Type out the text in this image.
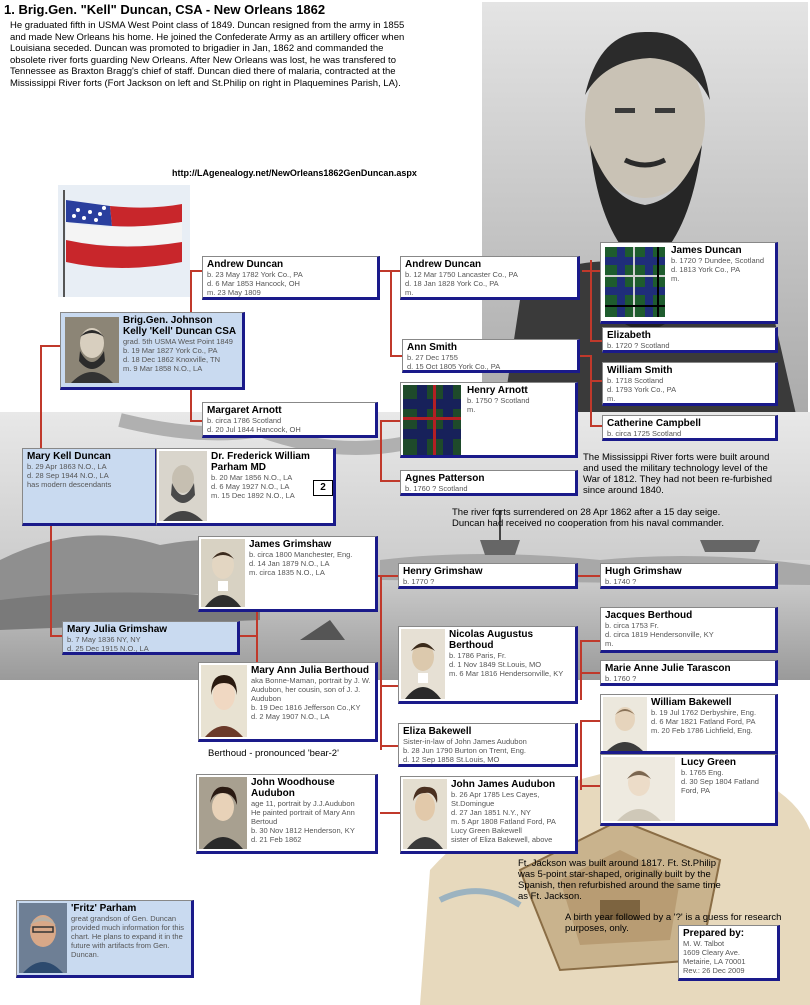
1. Brig.Gen. "Kell" Duncan, CSA - New Orleans 1862
He graduated fifth in USMA West Point class of 1849. Duncan resigned from the army in 1855 and made New Orleans his home. He joined the Confederate Army as an artillery officer when Louisiana seceded. Duncan was promoted to brigadier in Jan, 1862 and commanded the obsolete river forts guarding New Orleans. After New Orleans was lost, he was transfered to Tennessee as Braxton Bragg's chief of staff. Duncan died there of malaria, contracted at the Mississippi River forts (Fort Jackson on left and St.Philip on right in Plaquemines Parish, LA).
http://LAgenealogy.net/NewOrleans1862GenDuncan.aspx
Brig.Gen. Johnson Kelly 'Kell' Duncan CSA
grad. 5th USMA West Point 1849
b. 19 Mar 1827 York Co., PA
d. 18 Dec 1862 Knoxville, TN
m. 9 Mar 1858 N.O., LA
Andrew Duncan
b. 23 May 1782 York Co., PA
d. 6 Mar 1853 Hancock, OH
m. 23 May 1809
Andrew Duncan
b. 12 Mar 1750 Lancaster Co., PA
d. 18 Jan 1828 York Co., PA
m.
James Duncan
b. 1720 ? Dundee, Scotland
d. 1813 York Co., PA
m.
Elizabeth
b. 1720 ? Scotland
Ann Smith
b. 27 Dec 1755
d. 15 Oct 1805 York Co., PA	William Smith
b. 1718 Scotland
d. 1793 York Co., PA
m.
Henry Arnott
b. 1750 ? Scotland
m.
Catherine Campbell
b. circa 1725 Scotland
Margaret Arnott
b. circa 1786 Scotland
d. 20 Jul 1844 Hancock, OH
Agnes Patterson
b. 1760 ? Scotland
Mary Kell Duncan
b. 29 Apr 1863 N.O., LA
d. 28 Sep 1944 N.O., LA
has modern descendants
Dr. Frederick William Parham MD
b. 20 Mar 1856 N.O., LA
d. 6 May 1927 N.O., LA
m. 15 Dec 1892 N.O., LA
2
The Mississippi River forts were built around and used the military technology level of the War of 1812. They had not been re-furbished since around 1840.
The river forts surrendered on 28 Apr 1862 after a 15 day seige. Duncan had received no cooperation from his naval commander.
James Grimshaw
b. circa 1800 Manchester, Eng.
d. 14 Jan 1879 N.O., LA
m. circa 1835 N.O., LA	Henry Grimshaw
b. 1770 ?
Hugh Grimshaw
b. 1740 ?
Mary Julia Grimshaw
b. 7 May 1836 NY, NY
d. 25 Dec 1915 N.O., LA
Jacques Berthoud
b. circa 1753 Fr.
d. circa 1819 Hendersonville, KY
m.
Nicolas Augustus Berthoud
b. 1786 Paris, Fr.
d. 1 Nov 1849 St.Louis, MO
m. 6 Mar 1816 Hendersonville, KY	Marie Anne Julie Tarascon
b. 1760 ?
Mary Ann Julia Berthoud
aka Bonne-Maman, portrait by J. W. Audubon, her cousin, son of J. J. Audubon
b. 19 Dec 1816 Jefferson Co.,KY
d. 2 May 1907 N.O., LA
Berthoud - pronounced 'bear-2'
William Bakewell
b. 19 Jul 1762 Derbyshire, Eng.
d. 6 Mar 1821 Fatland Ford, PA
m. 20 Feb 1786 Lichfield, Eng.
Eliza Bakewell
Sister-in-law of John James Audubon
b. 28 Jun 1790 Burton on Trent, Eng.
d. 12 Sep 1858 St.Louis, MO	Lucy Green
b. 1765 Eng.
d. 30 Sep 1804 Fatland Ford, PA
John Woodhouse Audubon
age 11, portrait by J.J.Audubon
He painted portrait of Mary Ann Bertoud
b. 30 Nov 1812 Henderson, KY
d. 21 Feb 1862
John James Audubon
b. 26 Apr 1785 Les Cayes, St.Domingue
d. 27 Jan 1851 N.Y., NY
m. 5 Apr 1808 Fatland Ford, PA
Lucy Green Bakewell
sister of Eliza Bakewell, above
Ft. Jackson was built around 1817. Ft. St.Philip was 5-point star-shaped, originally built by the Spanish, then refurbished around the same time as Ft. Jackson.
A birth year followed by a '?' is a guess for research purposes, only.
'Fritz' Parham
great grandson of Gen. Duncan provided much information for this chart. He plans to expand it in the future with artifacts from Gen. Duncan.
Prepared by:
M. W. Talbot
1609 Cleary Ave.
Metairie, LA 70001
Rev.: 26 Dec 2009
